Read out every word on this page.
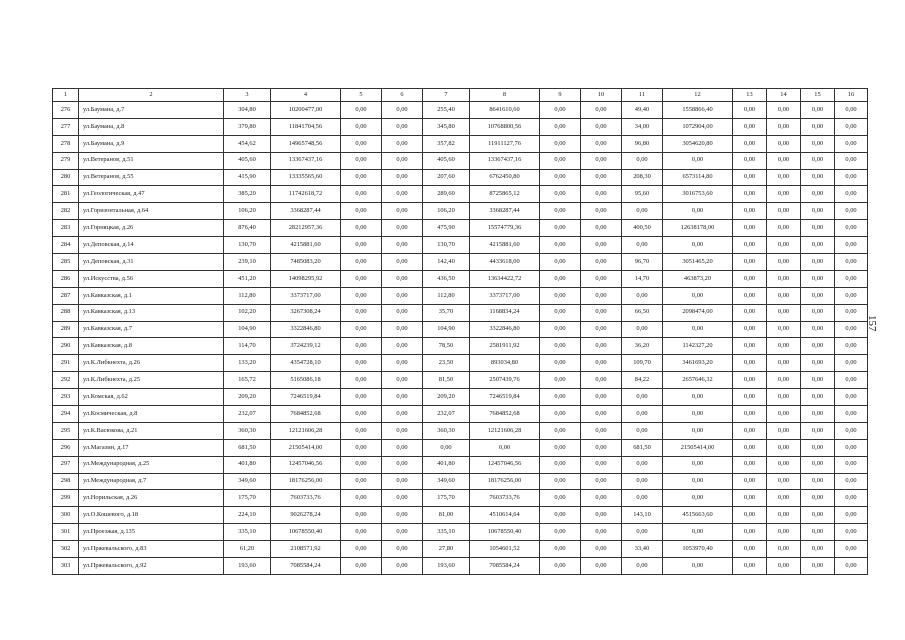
1	2	3	4	5	6	7	8	9	10	11	12	13	14	15	16
276	ул.Баумана, д.7	304,80	10200477,00	0,00	0,00	255,40	8641610,60	0,00	0,00	49,40	1558866,40	0,00	0,00	0,00	0,00
277	ул.Баумана, д.8	379,80	11841704,56	0,00	0,00	345,80	10768800,56	0,00	0,00	34,00	1072904,00	0,00	0,00	0,00	0,00
278	ул.Баумана, д.9	454,62	14965748,56	0,00	0,00	357,82	11911127,76	0,00	0,00	96,80	3054620,80	0,00	0,00	0,00	0,00
279	ул.Ветеранов, д.51	405,60	13367437,16	0,00	0,00	405,60	13367437,16	0,00	0,00	0,00	0,00	0,00	0,00	0,00	0,00
280	ул.Ветеранов, д.55	415,90	13335565,60	0,00	0,00	207,60	6762450,80	0,00	0,00	208,30	6573114,80	0,00	0,00	0,00	0,00
281	ул.Геологическая, д.47	385,20	11742618,72	0,00	0,00	289,60	8725865,12	0,00	0,00	95,60	3016753,60	0,00	0,00	0,00	0,00
282	ул.Горизонтальная, д.64	106,20	3368287,44	0,00	0,00	106,20	3368287,44	0,00	0,00	0,00	0,00	0,00	0,00	0,00	0,00
283	ул.Горняцкая, д.26	876,40	28212957,36	0,00	0,00	475,90	15574779,36	0,00	0,00	400,50	12638178,00	0,00	0,00	0,00	0,00
284	ул.Деповская, д.14	130,70	4215881,60	0,00	0,00	130,70	4215881,60	0,00	0,00	0,00	0,00	0,00	0,00	0,00	0,00
285	ул.Деповская, д.31	239,10	7485083,20	0,00	0,00	142,40	4433618,00	0,00	0,00	96,70	3051465,20	0,00	0,00	0,00	0,00
286	ул.Искусства, д.56	451,20	14098295,92	0,00	0,00	436,50	13634422,72	0,00	0,00	14,70	463873,20	0,00	0,00	0,00	0,00
287	ул.Кавказская, д.1	112,80	3373717,00	0,00	0,00	112,80	3373717,00	0,00	0,00	0,00	0,00	0,00	0,00	0,00	0,00
288	ул.Кавказская, д.13	102,20	3267308,24	0,00	0,00	35,70	1168834,24	0,00	0,00	66,50	2098474,00	0,00	0,00	0,00	0,00
289	ул.Кавказская, д.7	104,90	3322846,80	0,00	0,00	104,90	3322846,80	0,00	0,00	0,00	0,00	0,00	0,00	0,00	0,00
290	ул.Кавказская, д.8	114,70	3724239,12	0,00	0,00	78,50	2581911,92	0,00	0,00	36,20	1142327,20	0,00	0,00	0,00	0,00
291	ул.К.Либкнехта, д.26	133,20	4354728,10	0,00	0,00	23,50	893034,80	0,00	0,00	109,70	3461693,20	0,00	0,00	0,00	0,00
292	ул.К.Либкнехта, д.25	165,72	5165086,18	0,00	0,00	81,50	2507439,76	0,00	0,00	84,22	2657646,32	0,00	0,00	0,00	0,00
293	ул.Комская, д.62	209,20	7246519,84	0,00	0,00	209,20	7246519,84	0,00	0,00	0,00	0,00	0,00	0,00	0,00	0,00
294	ул.Космическая, д.8	232,07	7684852,68	0,00	0,00	232,07	7684852,68	0,00	0,00	0,00	0,00	0,00	0,00	0,00	0,00
295	ул.К.Васюкова, д.21	360,30	12121606,28	0,00	0,00	360,30	12121606,28	0,00	0,00	0,00	0,00	0,00	0,00	0,00	0,00
296	ул.Магазин, д.17	681,50	21505414,00	0,00	0,00	0,00	0,00	0,00	0,00	681,50	21505414,00	0,00	0,00	0,00	0,00
297	ул.Международная, д.25	401,80	12457046,56	0,00	0,00	401,80	12457046,56	0,00	0,00	0,00	0,00	0,00	0,00	0,00	0,00
298	ул.Международная, д.7	349,60	18176256,00	0,00	0,00	349,60	18176256,00	0,00	0,00	0,00	0,00	0,00	0,00	0,00	0,00
299	ул.Норильская, д.26	175,70	7603733,76	0,00	0,00	175,70	7603733,76	0,00	0,00	0,00	0,00	0,00	0,00	0,00	0,00
300	ул.О.Кошевого, д.18	224,10	9026278,24	0,00	0,00	81,00	4510614,64	0,00	0,00	143,10	4515663,60	0,00	0,00	0,00	0,00
301	ул.Проезжая, д.135	335,10	10678550,40	0,00	0,00	335,10	10678550,40	0,00	0,00	0,00	0,00	0,00	0,00	0,00	0,00
302	ул.Пржевальского, д.83	61,20	2108571,92	0,00	0,00	27,80	1054601,52	0,00	0,00	33,40	1053970,40	0,00	0,00	0,00	0,00
303	ул.Пржевальского, д.92	193,60	7085584,24	0,00	0,00	193,60	7085584,24	0,00	0,00	0,00	0,00	0,00	0,00	0,00	0,00
157
